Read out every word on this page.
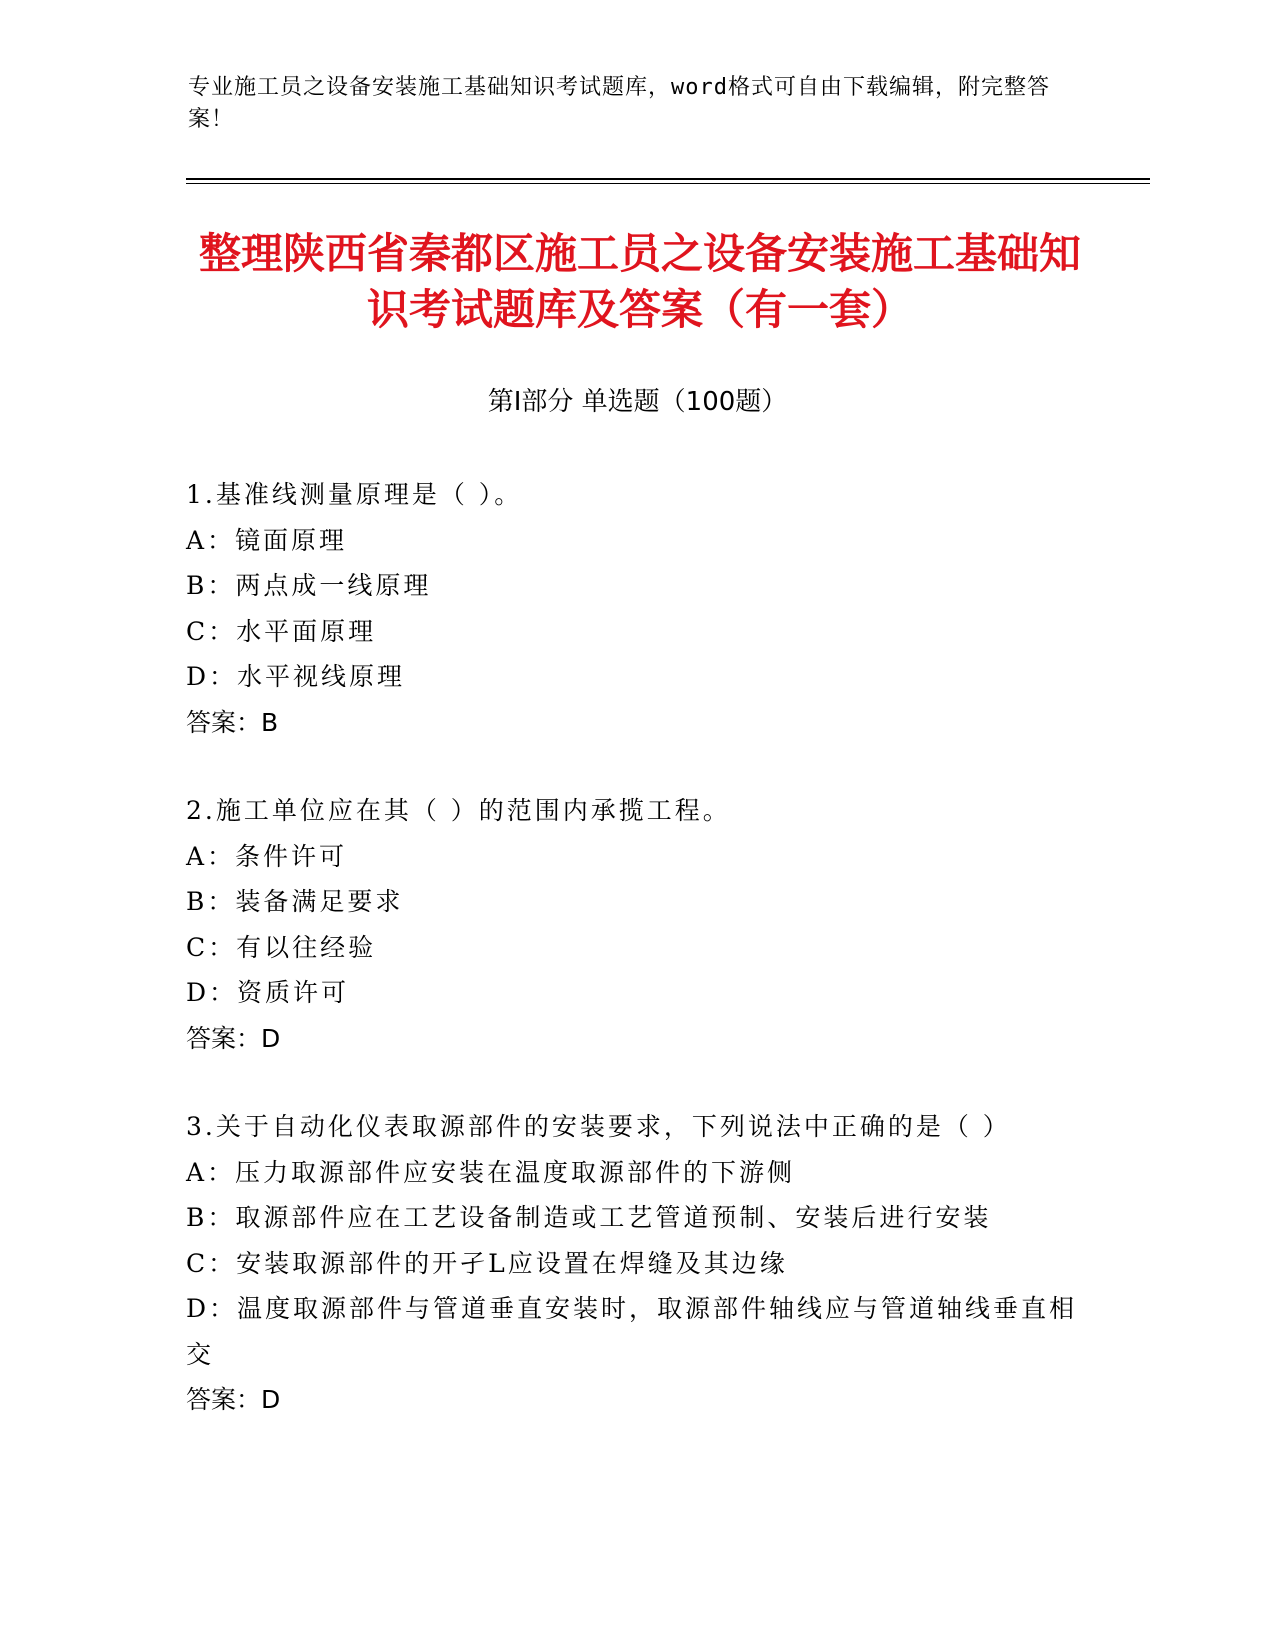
专业施工员之设备安装施工基础知识考试题库，word格式可自由下载编辑，附完整答案！
整理陕西省秦都区施工员之设备安装施工基础知识考试题库及答案（有一套）
第Ⅰ部分 单选题（100题）
1.基准线测量原理是（ ）。
A：镜面原理
B：两点成一线原理
C：水平面原理
D：水平视线原理
答案：B
2.施工单位应在其（ ）的范围内承揽工程。
A：条件许可
B：装备满足要求
C：有以往经验
D：资质许可
答案：D
3.关于自动化仪表取源部件的安装要求，下列说法中正确的是（ ）
A：压力取源部件应安装在温度取源部件的下游侧
B：取源部件应在工艺设备制造或工艺管道预制、安装后进行安装
C：安装取源部件的开孑L应设置在焊缝及其边缘
D：温度取源部件与管道垂直安装时，取源部件轴线应与管道轴线垂直相交
答案：D
